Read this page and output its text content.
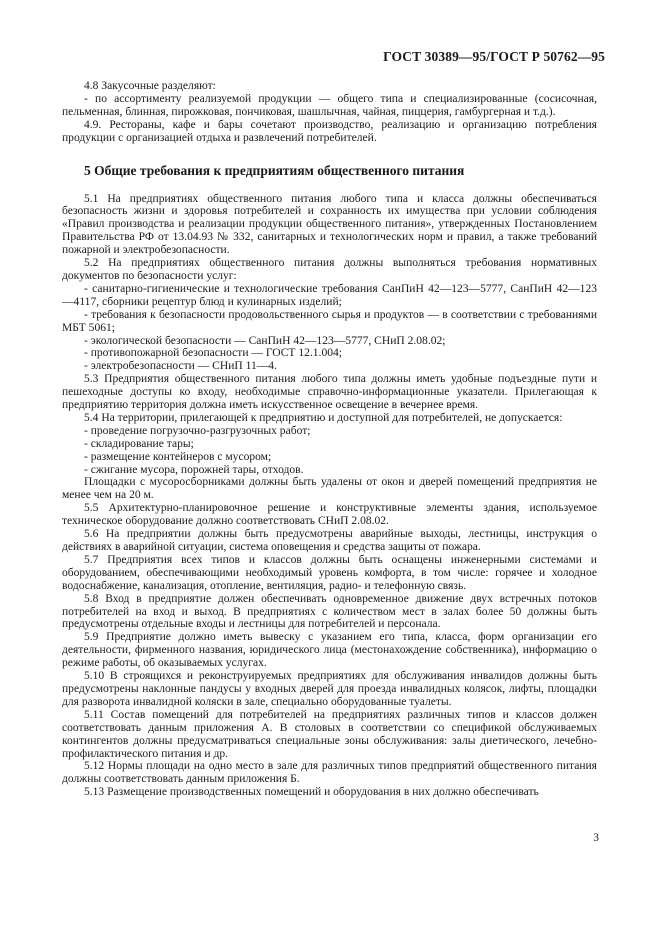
ГОСТ 30389—95/ГОСТ Р 50762—95

4.8 Закусочные разделяют:

- по ассортименту реализуемой продукции — общего типа и специализированные (сосисочная, пельменная, блинная, пирожковая, пончиковая, шашлычная, чайная, пиццерия, гамбургерная и т.д.).

4.9. Рестораны, кафе и бары сочетают производство, реализацию и организацию потребления продукции с организацией отдыха и развлечений потребителей.

5 Общие требования к предприятиям общественного питания

5.1 На предприятиях общественного питания любого типа и класса должны обеспечиваться безопасность жизни и здоровья потребителей и сохранность их имущества при условии соблюдения «Правил производства и реализации продукции общественного питания», утвержденных Постановлением Правительства РФ от 13.04.93 № 332, санитарных и технологических норм и правил, а также требований пожарной и электробезопасности.

5.2 На предприятиях общественного питания должны выполняться требования нормативных документов по безопасности услуг:

- санитарно-гигиенические и технологические требования СанПиН 42—123—5777, СанПиН 42—123—4117, сборники рецептур блюд и кулинарных изделий;

- требования к безопасности продовольственного сырья и продуктов — в соответствии с требованиями МБТ 5061;

- экологической безопасности — СанПиН 42—123—5777, СНиП 2.08.02;

- противопожарной безопасности — ГОСТ 12.1.004;

- электробезопасности — СНиП 11—4.

5.3 Предприятия общественного питания любого типа должны иметь удобные подъездные пути и пешеходные доступы ко входу, необходимые справочно-информационные указатели. Прилегающая к предприятию территория должна иметь искусственное освещение в вечернее время.

5.4 На территории, прилегающей к предприятию и доступной для потребителей, не допускается:

- проведение погрузочно-разгрузочных работ;

- складирование тары;

- размещение контейнеров с мусором;

- сжигание мусора, порожней тары, отходов.

Площадки с мусоросборниками должны быть удалены от окон и дверей помещений предприятия не менее чем на 20 м.

5.5 Архитектурно-планировочное решение и конструктивные элементы здания, используемое техническое оборудование должно соответствовать СНиП 2.08.02.

5.6 На предприятии должны быть предусмотрены аварийные выходы, лестницы, инструкция о действиях в аварийной ситуации, система оповещения и средства защиты от пожара.

5.7 Предприятия всех типов и классов должны быть оснащены инженерными системами и оборудованием, обеспечивающими необходимый уровень комфорта, в том числе: горячее и холодное водоснабжение, канализация, отопление, вентиляция, радио- и телефонную связь.

5.8 Вход в предприятие должен обеспечивать одновременное движение двух встречных потоков потребителей на вход и выход. В предприятиях с количеством мест в залах более 50 должны быть предусмотрены отдельные входы и лестницы для потребителей и персонала.

5.9 Предприятие должно иметь вывеску с указанием его типа, класса, форм организации его деятельности, фирменного названия, юридического лица (местонахождение собственника), информацию о режиме работы, об оказываемых услугах.

5.10 В строящихся и реконструируемых предприятиях для обслуживания инвалидов должны быть предусмотрены наклонные пандусы у входных дверей для проезда инвалидных колясок, лифты, площадки для разворота инвалидной коляски в зале, специально оборудованные туалеты.

5.11 Состав помещений для потребителей на предприятиях различных типов и классов должен соответствовать данным приложения А. В столовых в соответствии со спецификой обслуживаемых контингентов должны предусматриваться специальные зоны обслуживания: залы диетического, лечебно-профилактического питания и др.

5.12 Нормы площади на одно место в зале для различных типов предприятий общественного питания должны соответствовать данным приложения Б.

5.13 Размещение производственных помещений и оборудования в них должно обеспечивать

3
